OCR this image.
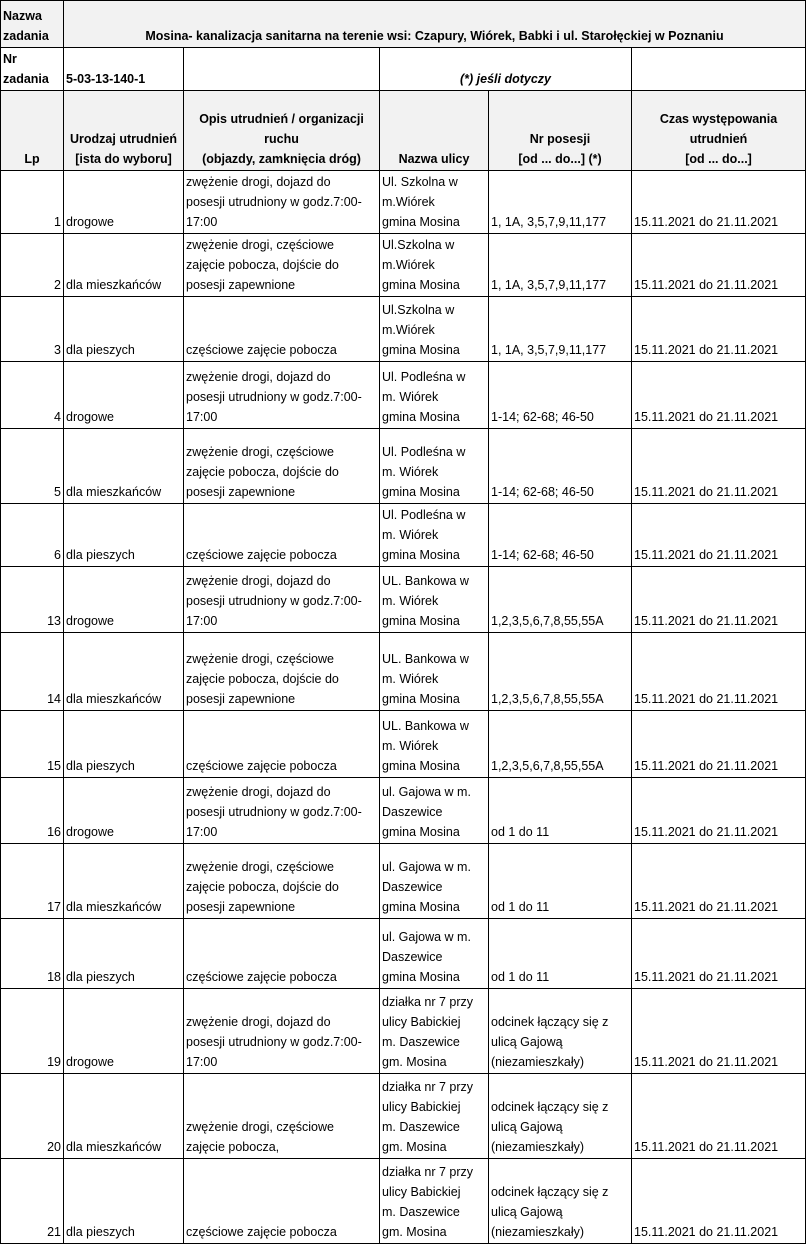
Nazwa
zadania	Mosina- kanalizacja sanitarna na terenie wsi: Czapury, Wiórek, Babki i ul. Starołęckiej w Poznaniu				

Nr
zadania	5-03-13-140-1		(*) jeśli dotyczy		

Lp	Urodzaj utrudnień
[ista do wyboru]	Opis utrudnień / organizacji
ruchu
(objazdy, zamknięcia dróg)	Nazwa ulicy	Nr posesji
[od ... do...] (*)	Czas występowania
utrudnień
[od ... do...]

1	drogowe	zwężenie drogi, dojazd do
posesji utrudniony w godz.7:00-
17:00	Ul. Szkolna w
m.Wiórek
gmina Mosina	1, 1A, 3,5,7,9,11,177	15.11.2021 do 21.11.2021
2	dla mieszkańców	zwężenie drogi, częściowe
zajęcie pobocza, dojście do
posesji zapewnione	Ul.Szkolna w
m.Wiórek
gmina Mosina	1, 1A, 3,5,7,9,11,177	15.11.2021 do 21.11.2021
3	dla pieszych	częściowe zajęcie pobocza	Ul.Szkolna w
m.Wiórek
gmina Mosina	1, 1A, 3,5,7,9,11,177	15.11.2021 do 21.11.2021
4	drogowe	zwężenie drogi, dojazd do
posesji utrudniony w godz.7:00-
17:00	Ul. Podleśna w
m. Wiórek
gmina Mosina	1-14; 62-68; 46-50	15.11.2021 do 21.11.2021
5	dla mieszkańców	zwężenie drogi, częściowe
zajęcie pobocza, dojście do
posesji zapewnione	Ul. Podleśna w
m. Wiórek
gmina Mosina	1-14; 62-68; 46-50	15.11.2021 do 21.11.2021
6	dla pieszych	częściowe zajęcie pobocza	Ul. Podleśna w
m. Wiórek
gmina Mosina	1-14; 62-68; 46-50	15.11.2021 do 21.11.2021
13	drogowe	zwężenie drogi, dojazd do
posesji utrudniony w godz.7:00-
17:00	UL. Bankowa w
m. Wiórek
gmina Mosina	1,2,3,5,6,7,8,55,55A	15.11.2021 do 21.11.2021
14	dla mieszkańców	zwężenie drogi, częściowe
zajęcie pobocza, dojście do
posesji zapewnione	UL. Bankowa w
m. Wiórek
gmina Mosina	1,2,3,5,6,7,8,55,55A	15.11.2021 do 21.11.2021
15	dla pieszych	częściowe zajęcie pobocza	UL. Bankowa w
m. Wiórek
gmina Mosina	1,2,3,5,6,7,8,55,55A	15.11.2021 do 21.11.2021
16	drogowe	zwężenie drogi, dojazd do
posesji utrudniony w godz.7:00-
17:00	ul. Gajowa w m.
Daszewice
gmina Mosina	od 1 do 11	15.11.2021 do 21.11.2021
17	dla mieszkańców	zwężenie drogi, częściowe
zajęcie pobocza, dojście do
posesji zapewnione	ul. Gajowa w m.
Daszewice
gmina Mosina	od 1 do 11	15.11.2021 do 21.11.2021
18	dla pieszych	częściowe zajęcie pobocza	ul. Gajowa w m.
Daszewice
gmina Mosina	od 1 do 11	15.11.2021 do 21.11.2021
19	drogowe	zwężenie drogi, dojazd do
posesji utrudniony w godz.7:00-
17:00	działka nr 7 przy
ulicy Babickiej
m. Daszewice
gm. Mosina	odcinek łączący się z
ulicą Gajową
(niezamieszkały)	15.11.2021 do 21.11.2021
20	dla mieszkańców	zwężenie drogi, częściowe
zajęcie pobocza,	działka nr 7 przy
ulicy Babickiej
m. Daszewice
gm. Mosina	odcinek łączący się z
ulicą Gajową
(niezamieszkały)	15.11.2021 do 21.11.2021
21	dla pieszych	częściowe zajęcie pobocza	działka nr 7 przy
ulicy Babickiej
m. Daszewice
gm. Mosina	odcinek łączący się z
ulicą Gajową
(niezamieszkały)	15.11.2021 do 21.11.2021
